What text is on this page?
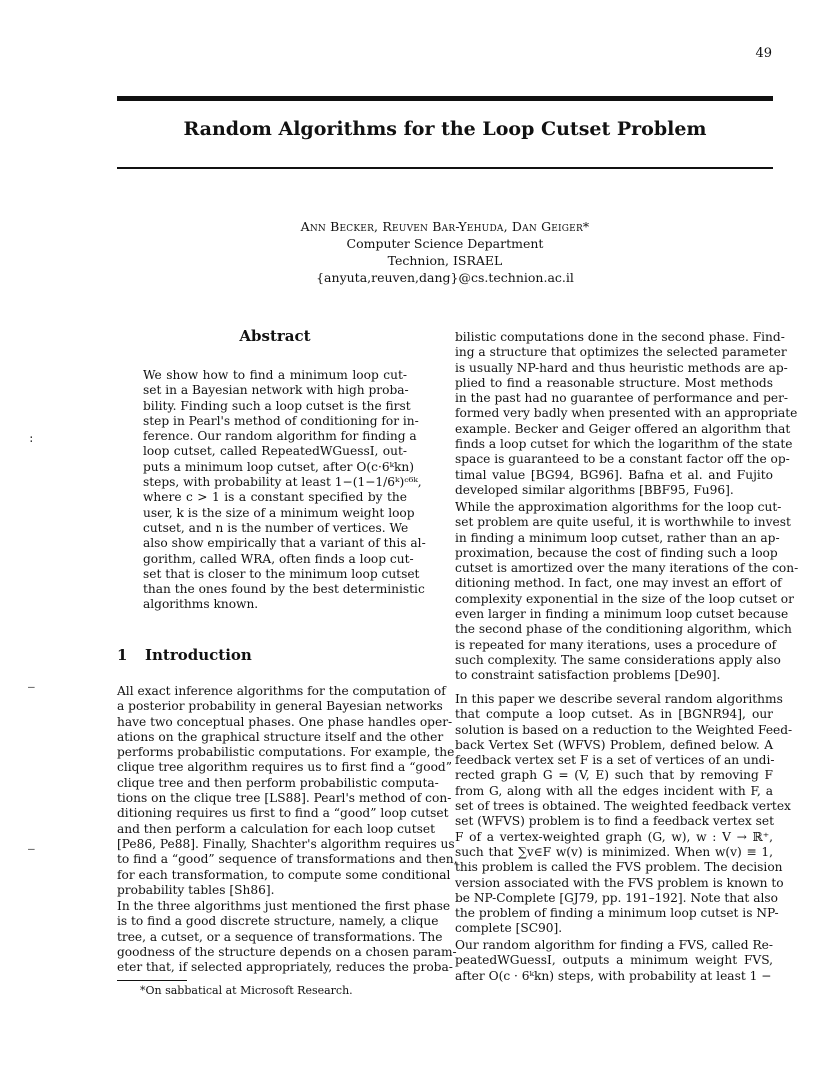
49
Random Algorithms for the Loop Cutset Problem
Ann Becker, Reuven Bar-Yehuda, Dan Geiger*
Computer Science Department
Technion, ISRAEL
{anyuta,reuven,dang}@cs.technion.ac.il
Abstract
We show how to find a minimum loop cut-
set in a Bayesian network with high proba-
bility. Finding such a loop cutset is the first
step in Pearl's method of conditioning for in-
ference. Our random algorithm for finding a
loop cutset, called RepeatedWGuessI, out-
puts a minimum loop cutset, after O(c·6ᵏkn)
steps, with probability at least 1−(1−1/6ᵏ)ᶜ⁶ᵏ,
where c > 1 is a constant specified by the
user, k is the size of a minimum weight loop
cutset, and n is the number of vertices. We
also show empirically that a variant of this al-
gorithm, called WRA, often finds a loop cut-
set that is closer to the minimum loop cutset
than the ones found by the best deterministic
algorithms known.
1 Introduction
All exact inference algorithms for the computation of
a posterior probability in general Bayesian networks
have two conceptual phases. One phase handles oper-
ations on the graphical structure itself and the other
performs probabilistic computations. For example, the
clique tree algorithm requires us to first find a “good”
clique tree and then perform probabilistic computa-
tions on the clique tree [LS88]. Pearl's method of con-
ditioning requires us first to find a “good” loop cutset
and then perform a calculation for each loop cutset
[Pe86, Pe88]. Finally, Shachter's algorithm requires us
to find a “good” sequence of transformations and then,
for each transformation, to compute some conditional
probability tables [Sh86].
In the three algorithms just mentioned the first phase
is to find a good discrete structure, namely, a clique
tree, a cutset, or a sequence of transformations. The
goodness of the structure depends on a chosen param-
eter that, if selected appropriately, reduces the proba-
bilistic computations done in the second phase. Find-
ing a structure that optimizes the selected parameter
is usually NP-hard and thus heuristic methods are ap-
plied to find a reasonable structure. Most methods
in the past had no guarantee of performance and per-
formed very badly when presented with an appropriate
example. Becker and Geiger offered an algorithm that
finds a loop cutset for which the logarithm of the state
space is guaranteed to be a constant factor off the op-
timal value [BG94, BG96]. Bafna et al. and Fujito
developed similar algorithms [BBF95, Fu96].
While the approximation algorithms for the loop cut-
set problem are quite useful, it is worthwhile to invest
in finding a minimum loop cutset, rather than an ap-
proximation, because the cost of finding such a loop
cutset is amortized over the many iterations of the con-
ditioning method. In fact, one may invest an effort of
complexity exponential in the size of the loop cutset or
even larger in finding a minimum loop cutset because
the second phase of the conditioning algorithm, which
is repeated for many iterations, uses a procedure of
such complexity. The same considerations apply also
to constraint satisfaction problems [De90].
In this paper we describe several random algorithms
that compute a loop cutset. As in [BGNR94], our
solution is based on a reduction to the Weighted Feed-
back Vertex Set (WFVS) Problem, defined below. A
feedback vertex set F is a set of vertices of an undi-
rected graph G = (V, E) such that by removing F
from G, along with all the edges incident with F, a
set of trees is obtained. The weighted feedback vertex
set (WFVS) problem is to find a feedback vertex set
F of a vertex-weighted graph (G, w), w : V → ℝ⁺,
such that ∑v∈F w(v) is minimized. When w(v) ≡ 1,
this problem is called the FVS problem. The decision
version associated with the FVS problem is known to
be NP-Complete [GJ79, pp. 191–192]. Note that also
the problem of finding a minimum loop cutset is NP-
complete [SC90].
Our random algorithm for finding a FVS, called Re-
peatedWGuessI, outputs a minimum weight FVS,
after O(c · 6ᵏkn) steps, with probability at least 1 −
*On sabbatical at Microsoft Research.
:
—
—
